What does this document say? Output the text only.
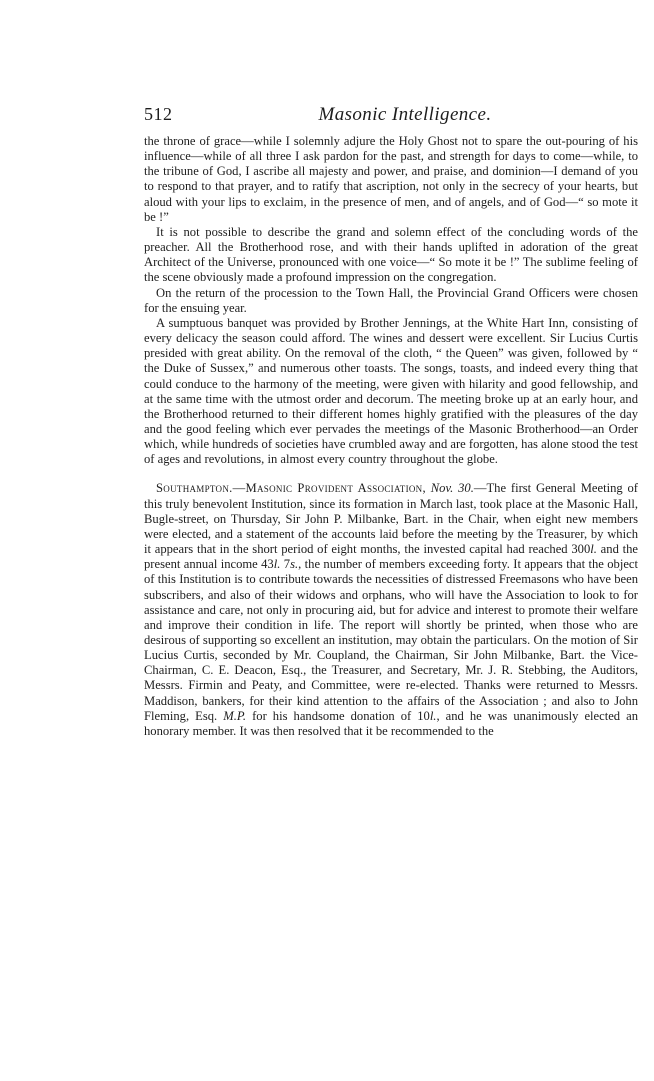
512	Masonic Intelligence.

the throne of grace—while I solemnly adjure the Holy Ghost not to spare the out-pouring of his influence—while of all three I ask pardon for the past, and strength for days to come—while, to the tribune of God, I ascribe all majesty and power, and praise, and dominion—I demand of you to respond to that prayer, and to ratify that ascription, not only in the secrecy of your hearts, but aloud with your lips to exclaim, in the presence of men, and of angels, and of God—“ so mote it be !”

It is not possible to describe the grand and solemn effect of the concluding words of the preacher. All the Brotherhood rose, and with their hands uplifted in adoration of the great Architect of the Universe, pronounced with one voice—“ So mote it be !” The sublime feeling of the scene obviously made a profound impression on the congregation.

On the return of the procession to the Town Hall, the Provincial Grand Officers were chosen for the ensuing year.

A sumptuous banquet was provided by Brother Jennings, at the White Hart Inn, consisting of every delicacy the season could afford. The wines and dessert were excellent. Sir Lucius Curtis presided with great ability. On the removal of the cloth, “ the Queen” was given, followed by “ the Duke of Sussex,” and numerous other toasts. The songs, toasts, and indeed every thing that could conduce to the harmony of the meeting, were given with hilarity and good fellowship, and at the same time with the utmost order and decorum. The meeting broke up at an early hour, and the Brotherhood returned to their different homes highly gratified with the pleasures of the day and the good feeling which ever pervades the meetings of the Masonic Brotherhood—an Order which, while hundreds of societies have crumbled away and are forgotten, has alone stood the test of ages and revolutions, in almost every country throughout the globe.

Southampton.—Masonic Provident Association, Nov. 30.—The first General Meeting of this truly benevolent Institution, since its formation in March last, took place at the Masonic Hall, Bugle-street, on Thursday, Sir John P. Milbanke, Bart. in the Chair, when eight new members were elected, and a statement of the accounts laid before the meeting by the Treasurer, by which it appears that in the short period of eight months, the invested capital had reached 300l. and the present annual income 43l. 7s., the number of members exceeding forty. It appears that the object of this Institution is to contribute towards the necessities of distressed Freemasons who have been subscribers, and also of their widows and orphans, who will have the Association to look to for assistance and care, not only in procuring aid, but for advice and interest to promote their welfare and improve their condition in life. The report will shortly be printed, when those who are desirous of supporting so excellent an institution, may obtain the particulars. On the motion of Sir Lucius Curtis, seconded by Mr. Coupland, the Chairman, Sir John Milbanke, Bart. the Vice-Chairman, C. E. Deacon, Esq., the Treasurer, and Secretary, Mr. J. R. Stebbing, the Auditors, Messrs. Firmin and Peaty, and Committee, were re-elected. Thanks were returned to Messrs. Maddison, bankers, for their kind attention to the affairs of the Association ; and also to John Fleming, Esq. M.P. for his handsome donation of 10l., and he was unanimously elected an honorary member. It was then resolved that it be recommended to the
